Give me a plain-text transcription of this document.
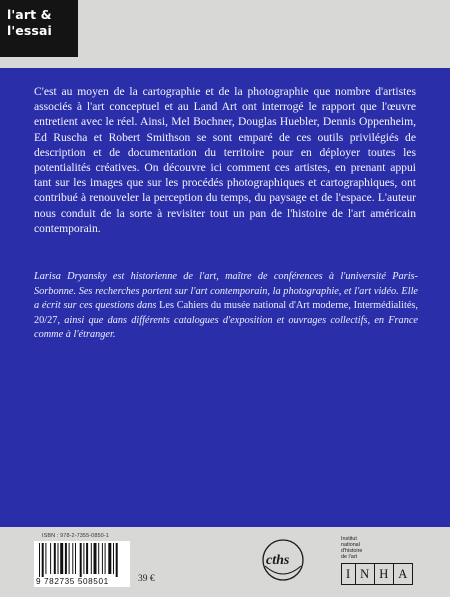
l'art &
l'essai

C'est au moyen de la cartographie et de la photographie que nombre d'artistes associés à l'art conceptuel et au Land Art ont interrogé le rapport que l'œuvre entretient avec le réel. Ainsi, Mel Bochner, Douglas Huebler, Dennis Oppenheim, Ed Ruscha et Robert Smithson se sont emparé de ces outils privilégiés de description et de documentation du territoire pour en déployer toutes les potentialités créatives. On découvre ici comment ces artistes, en prenant appui tant sur les images que sur les procédés photographiques et cartographiques, ont contribué à renouveler la perception du temps, du paysage et de l'espace. L'auteur nous conduit de la sorte à revisiter tout un pan de l'histoire de l'art américain contemporain.

Larisa Dryansky est historienne de l'art, maître de conférences à l'université Paris-Sorbonne. Ses recherches portent sur l'art contemporain, la photographie, et l'art vidéo. Elle a écrit sur ces questions dans Les Cahiers du musée national d'Art moderne, Intermédialités, 20/27, ainsi que dans différents catalogues d'exposition et ouvrages collectifs, en France comme à l'étranger.

ISBN : 978-2-7355-0850-1
9 782735 508501	39 €
cths
Institut
national
d'histoire
de l'art
I N H A
